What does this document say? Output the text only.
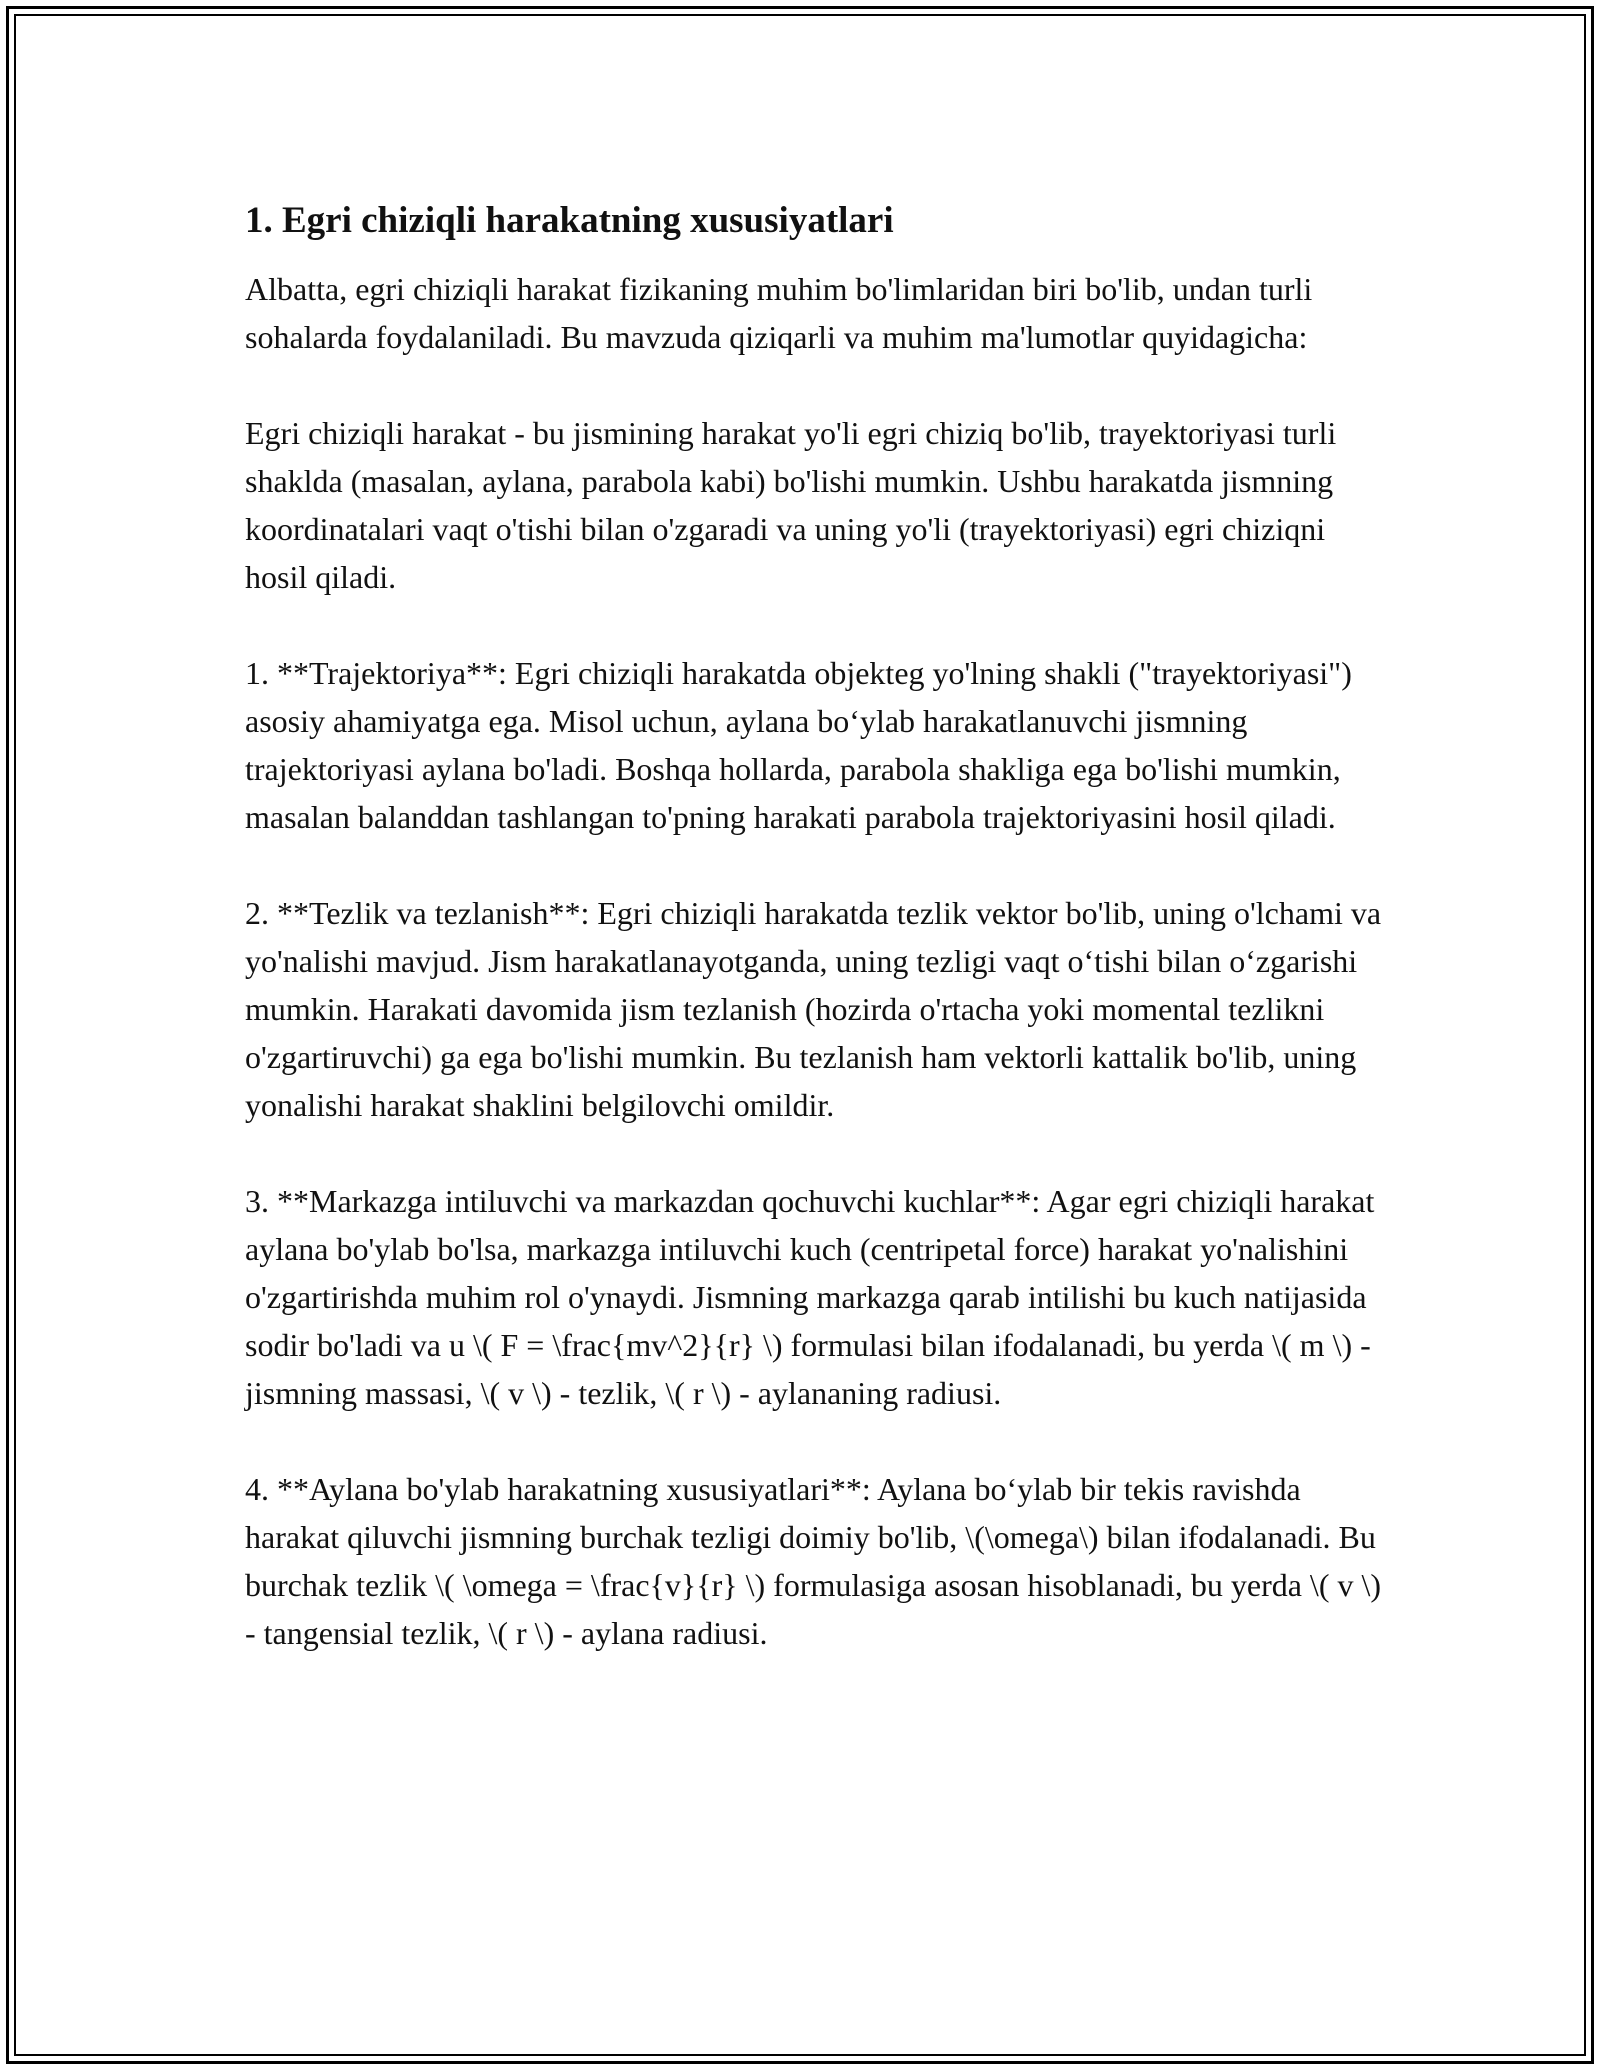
1. Egri chiziqli harakatning xususiyatlari

Albatta, egri chiziqli harakat fizikaning muhim bo'limlaridan biri bo'lib, undan turli sohalarda foydalaniladi. Bu mavzuda qiziqarli va muhim ma'lumotlar quyidagicha:

Egri chiziqli harakat - bu jismining harakat yo'li egri chiziq bo'lib, trayektoriyasi turli shakldа (masalan, aylana, parabola kabi) bo'lishi mumkin. Ushbu harakatda jismning koordinatalari vaqt o'tishi bilan o'zgaradi va uning yo'li (trayektoriyasi) egri chiziqni hosil qiladi.

1. **Trajektoriya**: Egri chiziqli harakatda objekteg yo'lning shakli ("trayektoriyasi") asosiy ahamiyatga ega. Misol uchun, aylana bo‘ylab harakatlanuvchi jismning trajektoriyasi aylana bo'ladi. Boshqa hollarda, parabola shakliga ega bo'lishi mumkin, masalan balanddan tashlangan to'pning harakati parabola trajektoriyasini hosil qiladi.

2. **Tezlik va tezlanish**: Egri chiziqli harakatda tezlik vektor bo'lib, uning o'lchami va yo'nalishi mavjud. Jism harakatlanayotganda, uning tezligi vaqt o‘tishi bilan o‘zgarishi mumkin. Harakati davomida jism tezlanish (hozirda o'rtacha yoki momental tezlikni o'zgartiruvchi) ga ega bo'lishi mumkin. Bu tezlanish ham vektorli kattalik bo'lib, uning yonalishi harakat shaklini belgilovchi omildir.

3. **Markazga intiluvchi va markazdan qochuvchi kuchlar**: Agar egri chiziqli harakat aylana bo'ylab bo'lsa, markazga intiluvchi kuch (centripetal force) harakat yo'nalishini o'zgartirishda muhim rol o'ynaydi. Jismning markazga qarab intilishi bu kuch natijasida sodir bo'ladi va u \( F = \frac{mv^2}{r} \) formulasi bilan ifodalanadi, bu yerda \( m \) - jismning massasi, \( v \) - tezlik, \( r \) - aylananing radiusi.

4. **Aylana bo'ylab harakatning xususiyatlari**: Aylana bo‘ylab bir tekis ravishda harakat qiluvchi jismning burchak tezligi doimiy bo'lib, \(\omega\) bilan ifodalanadi. Bu burchak tezlik \( \omega = \frac{v}{r} \) formulasiga asosan hisoblanadi, bu yerda \( v \) - tangensial tezlik, \( r \) - aylana radiusi.
